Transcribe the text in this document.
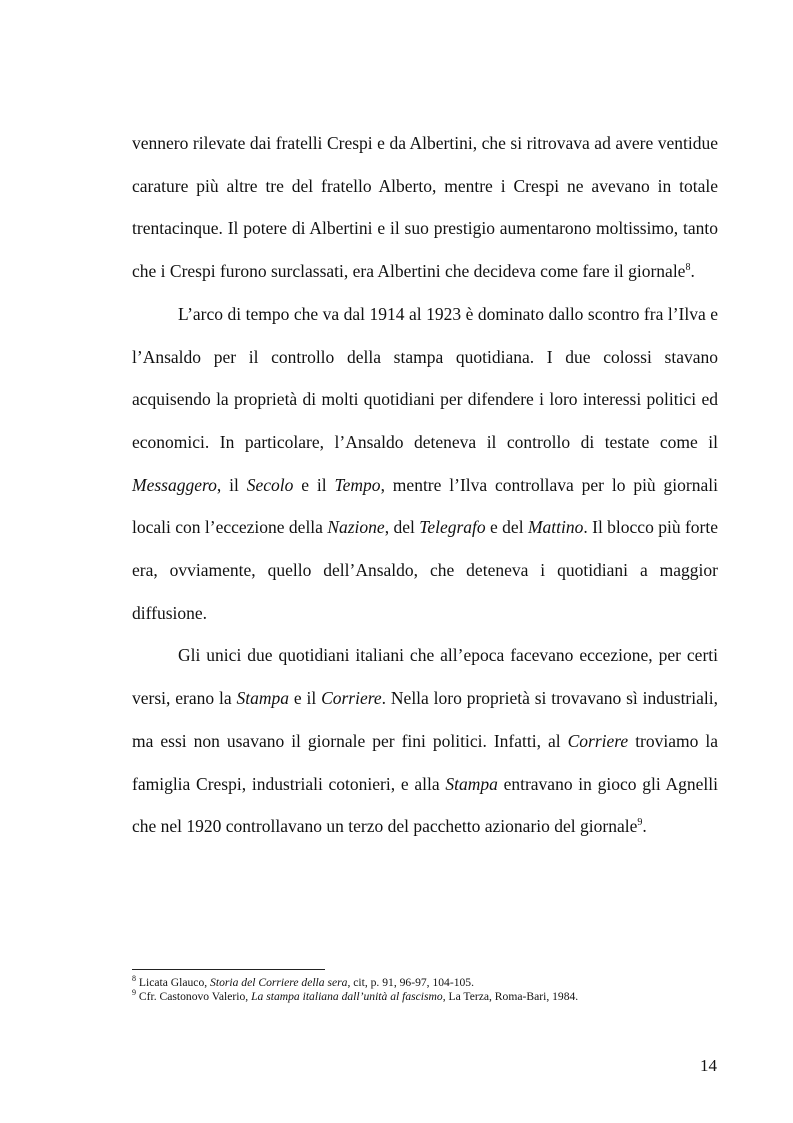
vennero rilevate dai fratelli Crespi e da Albertini, che si ritrovava ad avere ventidue carature più altre tre del fratello Alberto, mentre i Crespi ne avevano in totale trentacinque. Il potere di Albertini e il suo prestigio aumentarono moltissimo, tanto che i Crespi furono surclassati, era Albertini che decideva come fare il giornale$^8$.

L’arco di tempo che va dal 1914 al 1923 è dominato dallo scontro fra l’Ilva e l’Ansaldo per il controllo della stampa quotidiana. I due colossi stavano acquisendo la proprietà di molti quotidiani per difendere i loro interessi politici ed economici. In particolare, l’Ansaldo deteneva il controllo di testate come il Messaggero, il Secolo e il Tempo, mentre l’Ilva controllava per lo più giornali locali con l’eccezione della Nazione, del Telegrafo e del Mattino. Il blocco più forte era, ovviamente, quello dell’Ansaldo, che deteneva i quotidiani a maggior diffusione.

Gli unici due quotidiani italiani che all’epoca facevano eccezione, per certi versi, erano la Stampa e il Corriere. Nella loro proprietà si trovavano sì industriali, ma essi non usavano il giornale per fini politici. Infatti, al Corriere troviamo la famiglia Crespi, industriali cotonieri, e alla Stampa entravano in gioco gli Agnelli che nel 1920 controllavano un terzo del pacchetto azionario del giornale$^9$.

$^8$ Licata Glauco, Storia del Corriere della sera, cit, p. 91, 96-97, 104-105.

$^9$ Cfr. Castonovo Valerio, La stampa italiana dall’unità al fascismo, La Terza, Roma-Bari, 1984.

14
